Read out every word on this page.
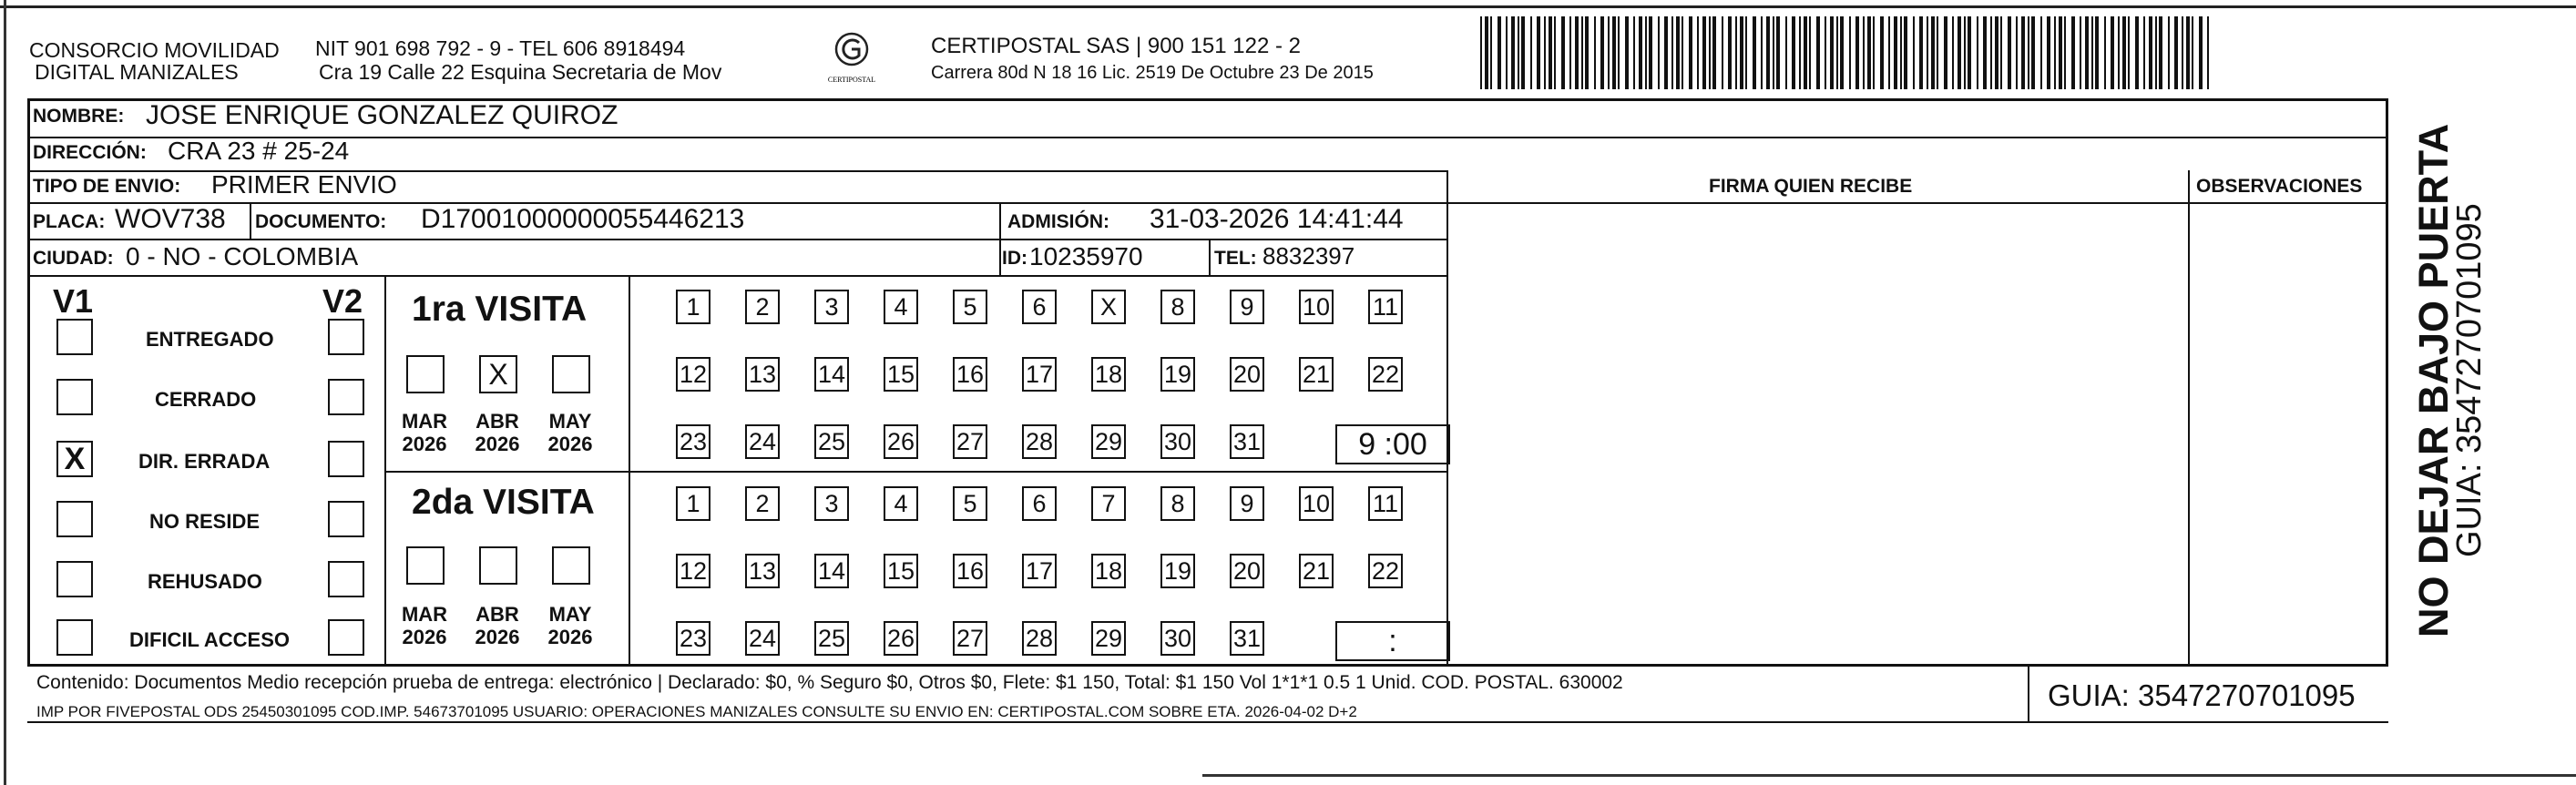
CONSORCIO MOVILIDAD
DIGITAL MANIZALES
NIT 901 698 792 - 9 - TEL 606 8918494
Cra 19 Calle 22 Esquina Secretaria de Mov	CERTIPOSTAL
CERTIPOSTAL SAS | 900 151 122 - 2
Carrera 80d N 18 16 Lic. 2519 De Octubre 23 De 2015
NOMBRE: JOSE ENRIQUE GONZALEZ QUIROZ
DIRECCIÓN: CRA 23 # 25-24
TIPO DE ENVIO: PRIMER ENVIO
PLACA: WOV738 DOCUMENTO: D17001000000055446213	ADMISIÓN: 31-03-2026 14:41:44
CIUDAD: 0 - NO - COLOMBIA	ID: 10235970	TEL: 8832397
FIRMA QUIEN RECIBE	OBSERVACIONES
V1	V2
ENTREGADO
CERRADO
X	DIR. ERRADA
NO RESIDE
REHUSADO
DIFICIL ACCESO
1ra VISITA
2da VISITA
MAR
2026
X
ABR
2026
MAY
2026
MAR
2026
ABR
2026
MAY
2026
1	2	3	4	5	6	X	8	9	10 11
12 13 14 15 16 17 18 19 20 21 22
23 24 25 26 27 28 29 30 31	9 :00
1	2	3	4	5	6	7	8	9	10 11
12 13 14 15 16 17 18 19 20 21 22
23 24 25 26 27 28 29 30 31	:
Contenido: Documentos Medio recepción prueba de entrega: electrónico | Declarado: $0, % Seguro $0, Otros $0, Flete: $1 150, Total: $1 150 Vol 1*1*1 0.5 1 Unid. COD. POSTAL. 630002
IMP POR FIVEPOSTAL ODS 25450301095 COD.IMP. 54673701095 USUARIO: OPERACIONES MANIZALES CONSULTE SU ENVIO EN: CERTIPOSTAL.COM SOBRE ETA. 2026-04-02 D+2	GUIA: 3547270701095
NO DEJAR BAJO PUERTA
GUIA: 3547270701095
